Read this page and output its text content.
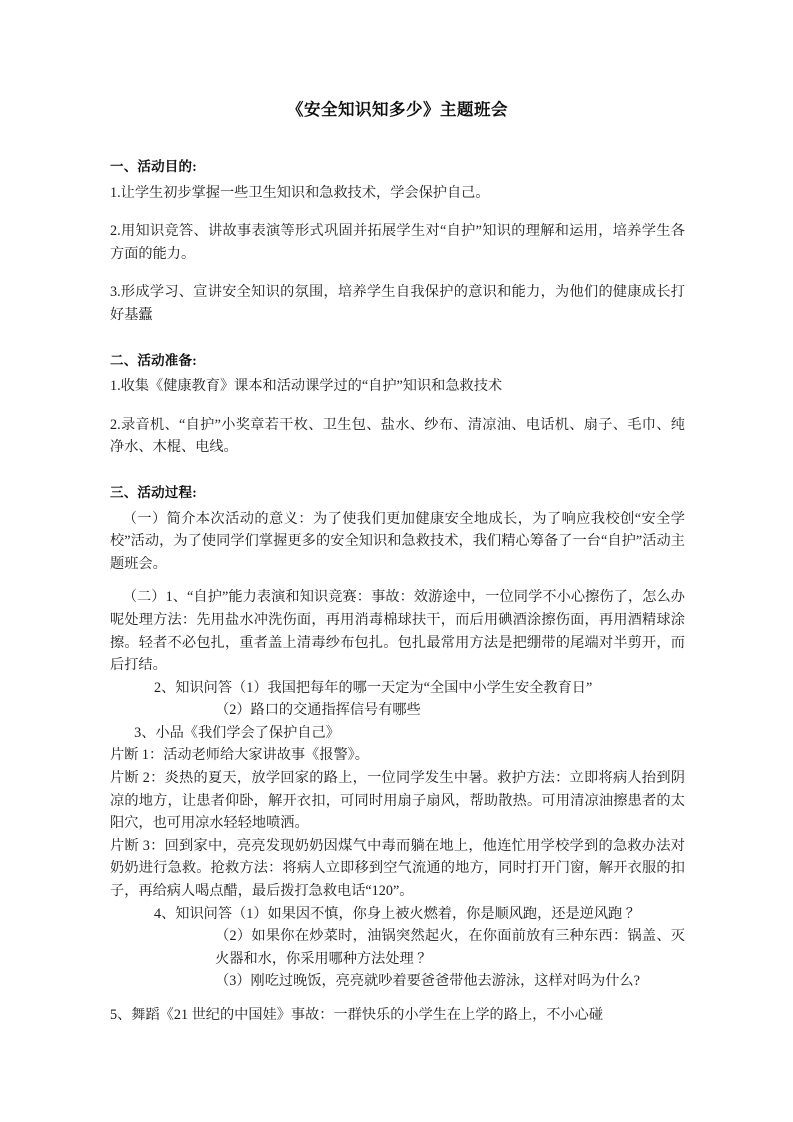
《安全知识知多少》主题班会
一、活动目的:

1.让学生初步掌握一些卫生知识和急救技术，学会保护自己。

2.用知识竞答、讲故事表演等形式巩固并拓展学生对“自护”知识的理解和运用，培养学生各方面的能力。

3.形成学习、宣讲安全知识的氛围，培养学生自我保护的意识和能力，为他们的健康成长打好基蠹

二、活动准备:

1.收集《健康教育》课本和活动课学过的“自护”知识和急救技术

2.录音机、“自护”小奖章若干枚、卫生包、盐水、纱布、清凉油、电话机、扇子、毛巾、纯净水、木棍、电线。

三、活动过程:

（一）简介本次活动的意义：为了使我们更加健康安全地成长，为了响应我校创“安全学校”活动，为了使同学们掌握更多的安全知识和急救技术，我们精心筹备了一台“自护”活动主题班会。

（二）1、“自护”能力表演和知识竞赛：事故：效游途中，一位同学不小心擦伤了，怎么办呢处理方法：先用盐水冲洗伤面，再用消毒棉球扶干，而后用碘酒涂擦伤面，再用酒精球涂擦。轻者不必包扎，重者盖上清毒纱布包扎。包扎最常用方法是把绷带的尾端对半剪开，而后打结。

2、知识问答（1）我国把每年的哪一天定为“全国中小学生安全教育日”

（2）路口的交通指挥信号有哪些

3、小品《我们学会了保护自己》

片断 1：活动老师给大家讲故事《报警》。

片断 2：炎热的夏天，放学回家的路上，一位同学发生中暑。救护方法：立即将病人抬到阴凉的地方，让患者仰卧，解开衣扣，可同时用扇子扇风，帮助散热。可用清凉油擦患者的太阳穴，也可用凉水轻轻地喷洒。

片断 3：回到家中，亮亮发现奶奶因煤气中毒而躺在地上，他连忙用学校学到的急救办法对奶奶进行急救。抢救方法：将病人立即移到空气流通的地方，同时打开门窗，解开衣服的扣子，再给病人喝点醋，最后拨打急救电话“120”。

4、知识问答（1）如果因不慎，你身上被火燃着，你是顺风跑，还是逆风跑 ？

（2）如果你在炒菜时，油锅突然起火，在你面前放有三种东西：锅盖、灭火器和水，你采用哪种方法处理 ？

（3）刚吃过晚饭，亮亮就吵着要爸爸带他去游泳，这样对吗为什么?

5、舞蹈《21 世纪的中国娃》事故：一群快乐的小学生在上学的路上，不小心碰
